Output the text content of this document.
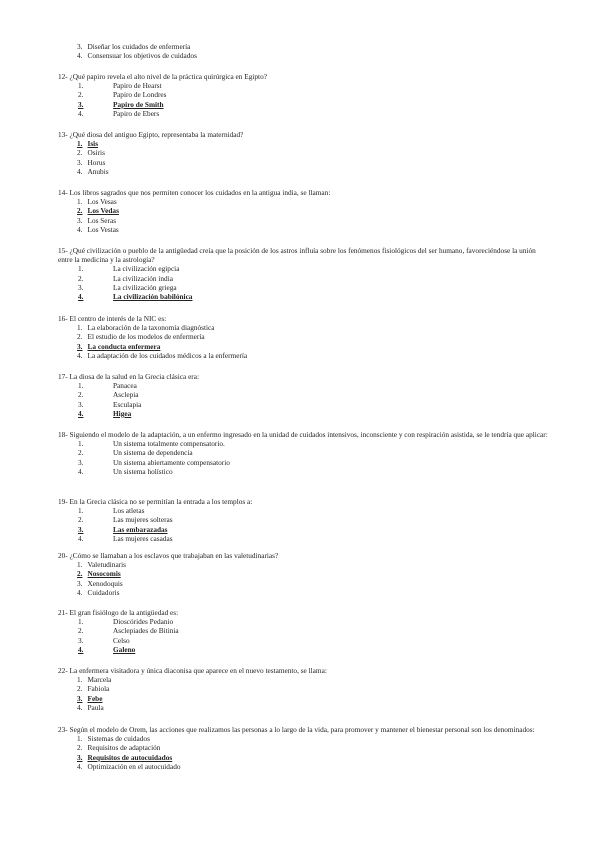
3. Diseñar los cuidados de enfermería
4. Consensuar los objetivos de cuidados

12- ¿Qué papiro revela el alto nivel de la práctica quirúrgica en Egipto?

1.	Papiro de Hearst
2.	Papiro de Londres
3.	Papiro de Smith
4.	Papiro de Ebers

13- ¿Qué diosa del antiguo Egipto, representaba la maternidad?

1. Isis
2. Osiris
3. Horus
4. Anubis

14- Los libros sagrados que nos permiten conocer los cuidados en la antigua india, se llaman:

1. Los Vesas
2. Los Vedas
3. Los Seras
4. Los Vestas

15- ¿Qué civilización o pueblo de la antigüedad creía que la posición de los astros influía sobre los fenómenos fisiológicos del ser humano, favoreciéndose la unión entre la medicina y la astrología?

1.	La civilización egipcia
2.	La civilización india
3.	La civilización griega
4.	La civilización babilónica

16- El centro de interés de la NIC es:

1. La elaboración de la taxonomía diagnóstica
2. El estudio de los modelos de enfermería
3. La conducta enfermera
4. La adaptación de los cuidados médicos a la enfermería

17- La diosa de la salud en la Grecia clásica era:

1.	Panacea
2.	Asclepia
3.	Esculapia
4.	Higea

18- Siguiendo el modelo de la adaptación, a un enfermo ingresado en la unidad de cuidados intensivos, inconsciente y con respiración asistida, se le tendría que aplicar:

1.	Un sistema totalmente compensatorio.
2.	Un sistema de dependencia
3.	Un sistema abiertamente compensatorio
4.	Un sistema holístico

19- En la Grecia clásica no se permitían la entrada a los templos a:

1.	Los atletas
2.	Las mujeres solteras
3.	Las embarazadas
4.	Las mujeres casadas

20- ¿Cómo se llamaban a los esclavos que trabajaban en las valetudinarias?

1. Valetudinaris
2. Nosocomis
3. Xenodoquis
4. Cuidadoris

21- El gran fisiólogo de la antigüedad es:

1.	Dioscórides Pedanio
2.	Asclepiades de Bitinia
3.	Celso
4.	Galeno

22- La enfermera visitadora y única diaconisa que aparece en el nuevo testamento, se llama:

1. Marcela
2. Fabiola
3. Febe
4. Paula

23- Según el modelo de Orem, las acciones que realizamos las personas a lo largo de la vida, para promover y mantener el bienestar personal son los denominados:

1. Sistemas de cuidados
2. Requisitos de adaptación
3. Requisitos de autocuidados
4. Optimización en el autocuidado
